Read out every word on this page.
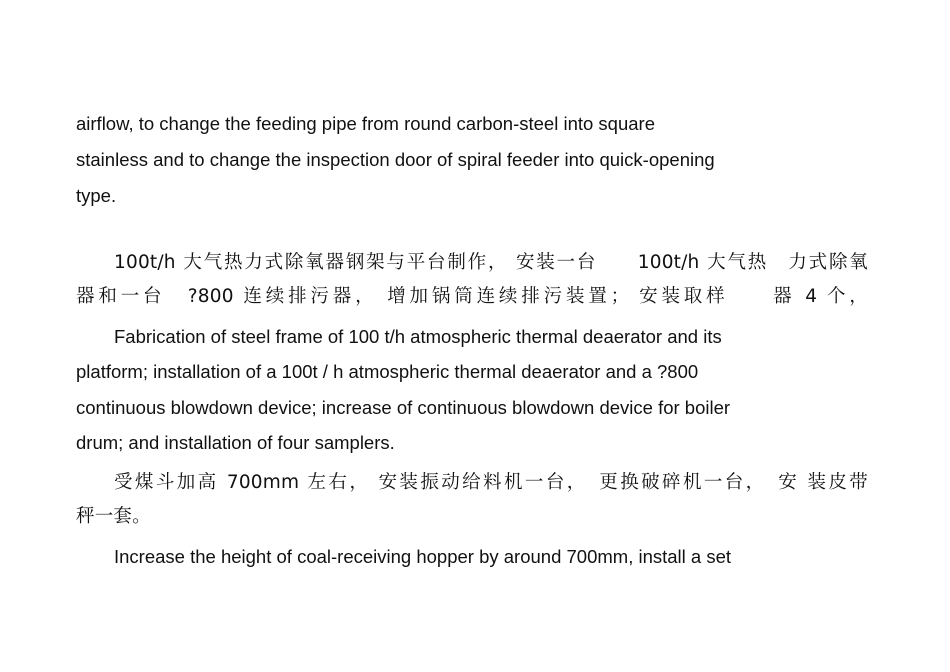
airflow, to change the feeding pipe from round carbon-steel into square
stainless and to change the inspection door of spiral feeder into quick-opening
type.
100t/h 大气热力式除氧器钢架与平台制作， 安装一台　　100t/h 大气热　力式除氧
器和一台　?800 连续排污器， 增加锅筒连续排污装置； 安装取样　　器 4 个，
Fabrication of steel frame of 100 t/h atmospheric thermal deaerator and its
platform; installation of a 100t / h atmospheric thermal deaerator and a ?800
continuous blowdown device; increase of continuous blowdown device for boiler
drum; and installation of four samplers.
受煤斗加高 700mm 左右， 安装振动给料机一台，　更换破碎机一台，　安 装皮带
秤一套。
Increase the height of coal-receiving hopper by around 700mm, install a set
